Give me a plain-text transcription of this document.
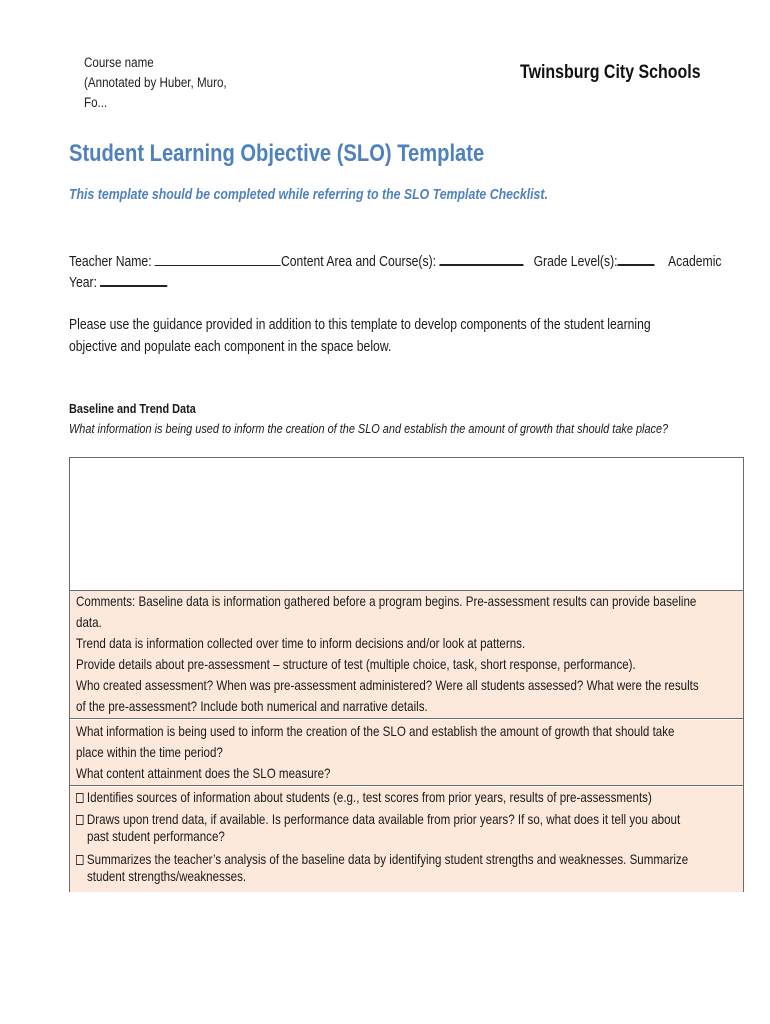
Course name
(Annotated by Huber, Muro,
Fo...
Twinsburg City Schools
Student Learning Objective (SLO) Template
This template should be completed while referring to the SLO Template Checklist.
Teacher Name:	Content Area and Course(s):	Grade Level(s):	Academic
Year:
Please use the guidance provided in addition to this template to develop components of the student learning
objective and populate each component in the space below.
Baseline and Trend Data
What information is being used to inform the creation of the SLO and establish the amount of growth that should take place?
Comments: Baseline data is information gathered before a program begins. Pre-assessment results can provide baseline
data.
Trend data is information collected over time to inform decisions and/or look at patterns.
Provide details about pre-assessment – structure of test (multiple choice, task, short response, performance).
Who created assessment? When was pre-assessment administered? Were all students assessed? What were the results
of the pre-assessment? Include both numerical and narrative details.
What information is being used to inform the creation of the SLO and establish the amount of growth that should take
place within the time period?
What content attainment does the SLO measure?
Identifies sources of information about students (e.g., test scores from prior years, results of pre-assessments)
Draws upon trend data, if available. Is performance data available from prior years? If so, what does it tell you about
past student performance?
Summarizes the teacher’s analysis of the baseline data by identifying student strengths and weaknesses. Summarize
student strengths/weaknesses.
